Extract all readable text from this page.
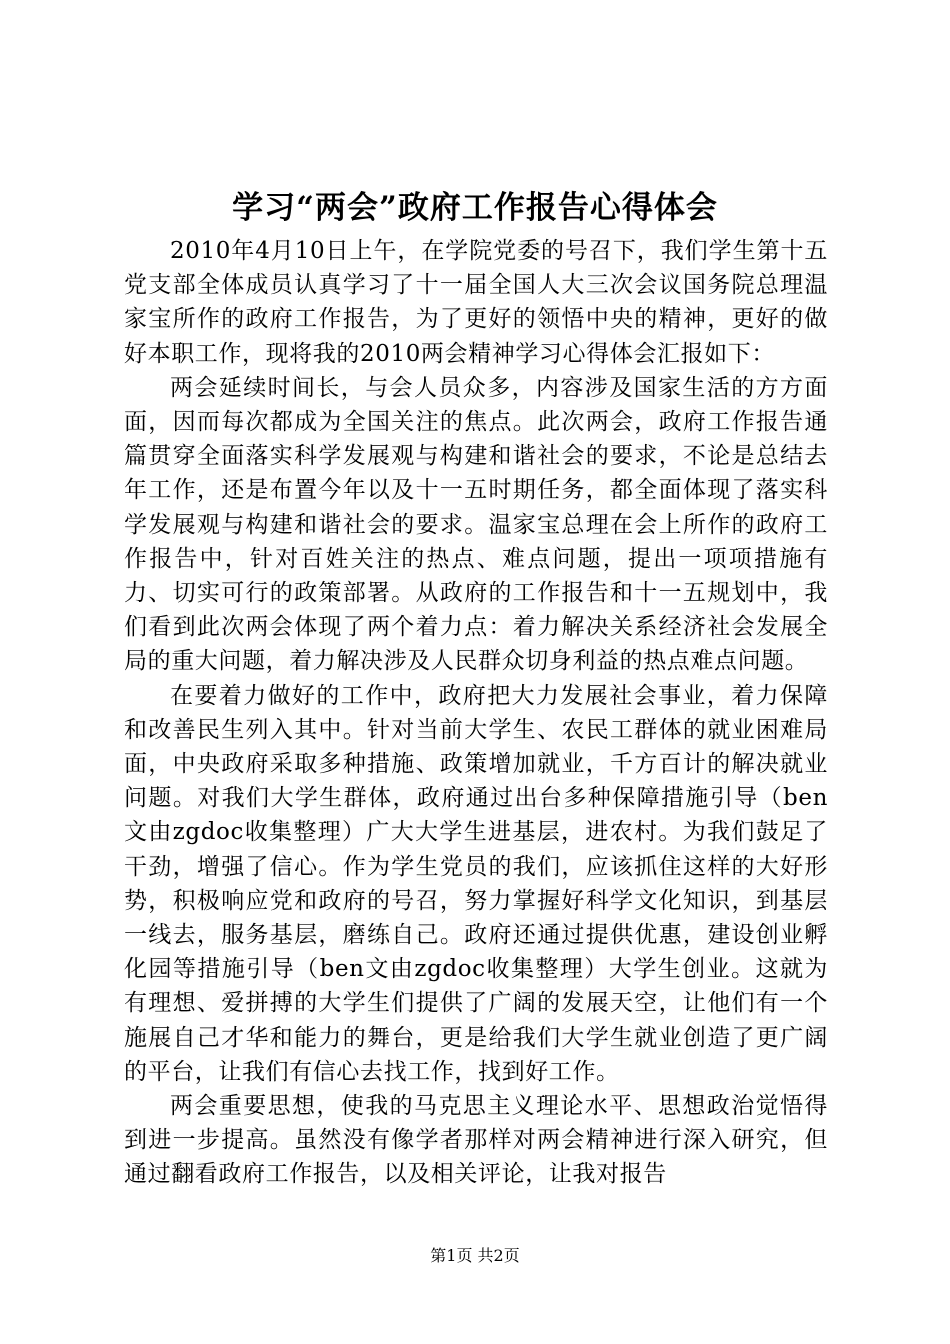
学习“两会”政府工作报告心得体会

2010年4月10日上午，在学院党委的号召下，我们学生第十五党支部全体成员认真学习了十一届全国人大三次会议国务院总理温家宝所作的政府工作报告，为了更好的领悟中央的精神，更好的做好本职工作，现将我的2010两会精神学习心得体会汇报如下：

两会延续时间长，与会人员众多，内容涉及国家生活的方方面面，因而每次都成为全国关注的焦点。此次两会，政府工作报告通篇贯穿全面落实科学发展观与构建和谐社会的要求，不论是总结去年工作，还是布置今年以及十一五时期任务，都全面体现了落实科学发展观与构建和谐社会的要求。温家宝总理在会上所作的政府工作报告中，针对百姓关注的热点、难点问题，提出一项项措施有力、切实可行的政策部署。从政府的工作报告和十一五规划中，我们看到此次两会体现了两个着力点：着力解决关系经济社会发展全局的重大问题，着力解决涉及人民群众切身利益的热点难点问题。

在要着力做好的工作中，政府把大力发展社会事业，着力保障和改善民生列入其中。针对当前大学生、农民工群体的就业困难局面，中央政府采取多种措施、政策增加就业，千方百计的解决就业问题。对我们大学生群体，政府通过出台多种保障措施引导（ben文由zgdoc收集整理）广大大学生进基层，进农村。为我们鼓足了干劲，增强了信心。作为学生党员的我们，应该抓住这样的大好形势，积极响应党和政府的号召，努力掌握好科学文化知识，到基层一线去，服务基层，磨练自己。政府还通过提供优惠，建设创业孵化园等措施引导（ben文由zgdoc收集整理）大学生创业。这就为有理想、爱拼搏的大学生们提供了广阔的发展天空，让他们有一个施展自己才华和能力的舞台，更是给我们大学生就业创造了更广阔的平台，让我们有信心去找工作，找到好工作。

两会重要思想，使我的马克思主义理论水平、思想政治觉悟得到进一步提高。虽然没有像学者那样对两会精神进行深入研究，但通过翻看政府工作报告，以及相关评论，让我对报告

第1页 共2页
